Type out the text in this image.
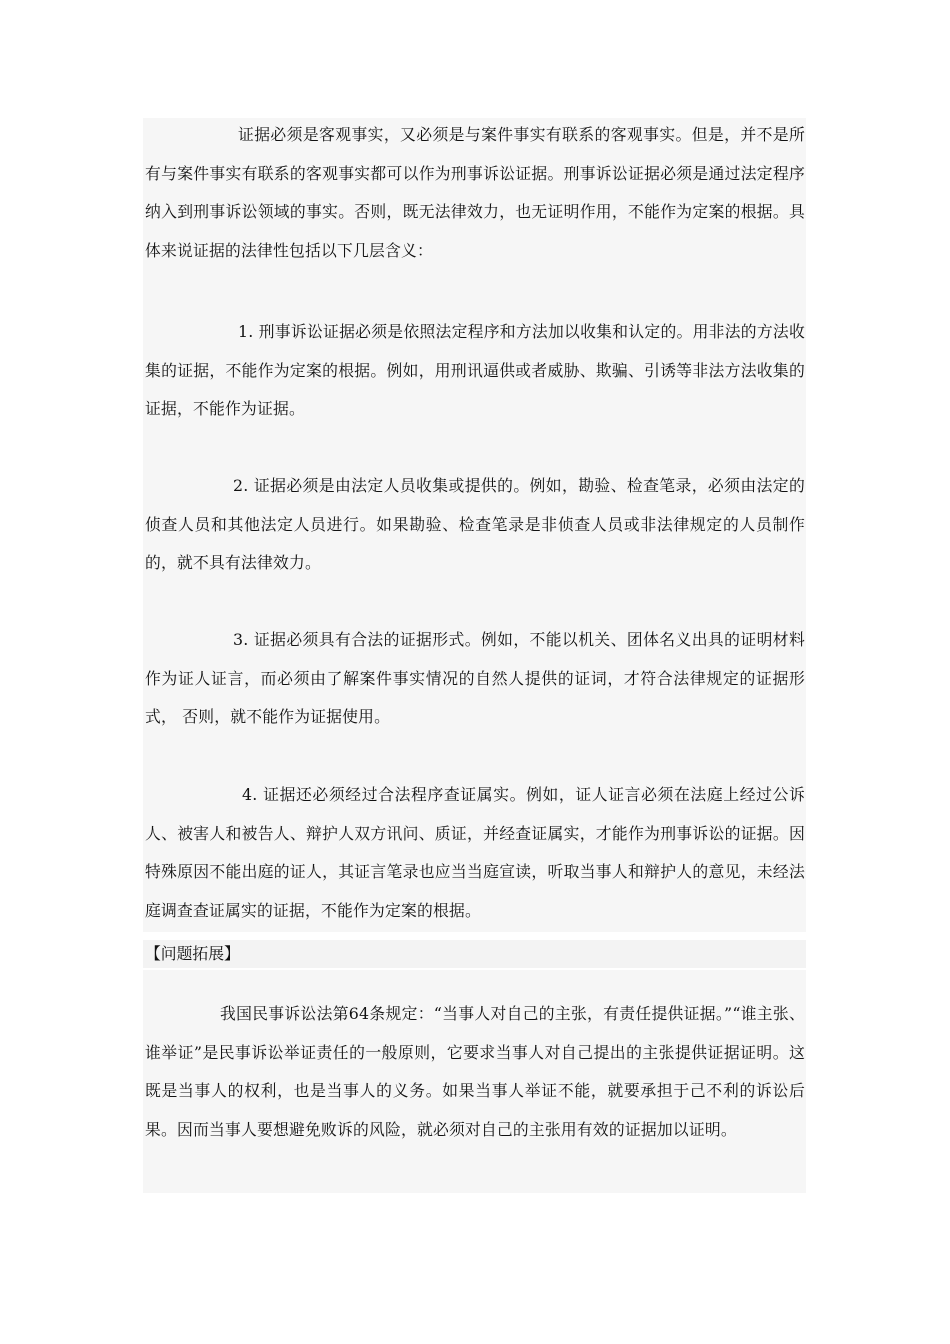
证据必须是客观事实，又必须是与案件事实有联系的客观事实。但是，并不是所有与案件事实有联系的客观事实都可以作为刑事诉讼证据。刑事诉讼证据必须是通过法定程序纳入到刑事诉讼领域的事实。否则，既无法律效力，也无证明作用，不能作为定案的根据。具体来说证据的法律性包括以下几层含义：

1. 刑事诉讼证据必须是依照法定程序和方法加以收集和认定的。用非法的方法收集的证据，不能作为定案的根据。例如，用刑讯逼供或者威胁、欺骗、引诱等非法方法收集的证据，不能作为证据。

2. 证据必须是由法定人员收集或提供的。例如，勘验、检查笔录，必须由法定的侦查人员和其他法定人员进行。如果勘验、检查笔录是非侦查人员或非法律规定的人员制作的，就不具有法律效力。

3. 证据必须具有合法的证据形式。例如，不能以机关、团体名义出具的证明材料作为证人证言，而必须由了解案件事实情况的自然人提供的证词，才符合法律规定的证据形式， 否则，就不能作为证据使用。

4. 证据还必须经过合法程序查证属实。例如，证人证言必须在法庭上经过公诉人、被害人和被告人、辩护人双方讯问、质证，并经查证属实，才能作为刑事诉讼的证据。因特殊原因不能出庭的证人，其证言笔录也应当当庭宣读，听取当事人和辩护人的意见，未经法庭调查查证属实的证据，不能作为定案的根据。

【问题拓展】

我国民事诉讼法第64条规定：“当事人对自己的主张，有责任提供证据。”“谁主张、谁举证”是民事诉讼举证责任的一般原则，它要求当事人对自己提出的主张提供证据证明。这既是当事人的权利，也是当事人的义务。如果当事人举证不能，就要承担于己不利的诉讼后果。因而当事人要想避免败诉的风险，就必须对自己的主张用有效的证据加以证明。
